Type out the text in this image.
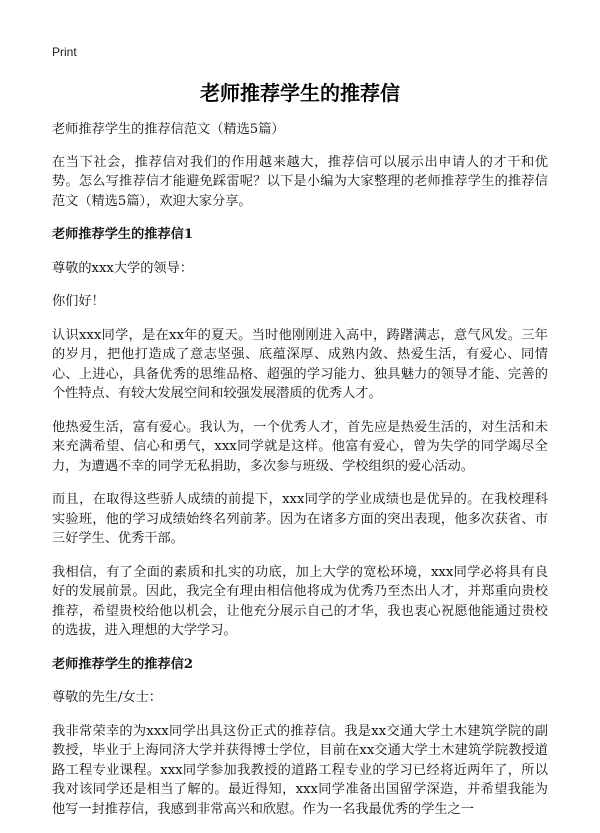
Print

老师推荐学生的推荐信

老师推荐学生的推荐信范文（精选5篇）

在当下社会，推荐信对我们的作用越来越大，推荐信可以展示出申请人的才干和优势。怎么写推荐信才能避免踩雷呢？以下是小编为大家整理的老师推荐学生的推荐信范文（精选5篇），欢迎大家分享。

老师推荐学生的推荐信1

尊敬的xxx大学的领导：

你们好！

认识xxx同学，是在xx年的夏天。当时他刚刚进入高中，踌躇满志，意气风发。三年的岁月，把他打造成了意志坚强、底蕴深厚、成熟内敛、热爱生活，有爱心、同情心、上进心，具备优秀的思维品格、超强的学习能力、独具魅力的领导才能、完善的个性特点、有较大发展空间和较强发展潜质的优秀人才。

他热爱生活，富有爱心。我认为，一个优秀人才，首先应是热爱生活的，对生活和未来充满希望、信心和勇气，xxx同学就是这样。他富有爱心，曾为失学的同学竭尽全力，为遭遇不幸的同学无私捐助，多次参与班级、学校组织的爱心活动。

而且，在取得这些骄人成绩的前提下，xxx同学的学业成绩也是优异的。在我校理科实验班，他的学习成绩始终名列前茅。因为在诸多方面的突出表现，他多次获省、市三好学生、优秀干部。

我相信，有了全面的素质和扎实的功底，加上大学的宽松环境，xxx同学必将具有良好的发展前景。因此，我完全有理由相信他将成为优秀乃至杰出人才，并郑重向贵校推荐，希望贵校给他以机会，让他充分展示自己的才华，我也衷心祝愿他能通过贵校的选拔，进入理想的大学学习。

老师推荐学生的推荐信2

尊敬的先生/女士：

我非常荣幸的为xxx同学出具这份正式的推荐信。我是xx交通大学土木建筑学院的副教授，毕业于上海同济大学并获得博士学位，目前在xx交通大学土木建筑学院教授道路工程专业课程。xxx同学参加我教授的道路工程专业的学习已经将近两年了，所以我对该同学还是相当了解的。最近得知，xxx同学准备出国留学深造，并希望我能为他写一封推荐信，我感到非常高兴和欣慰。作为一名我最优秀的学生之一
